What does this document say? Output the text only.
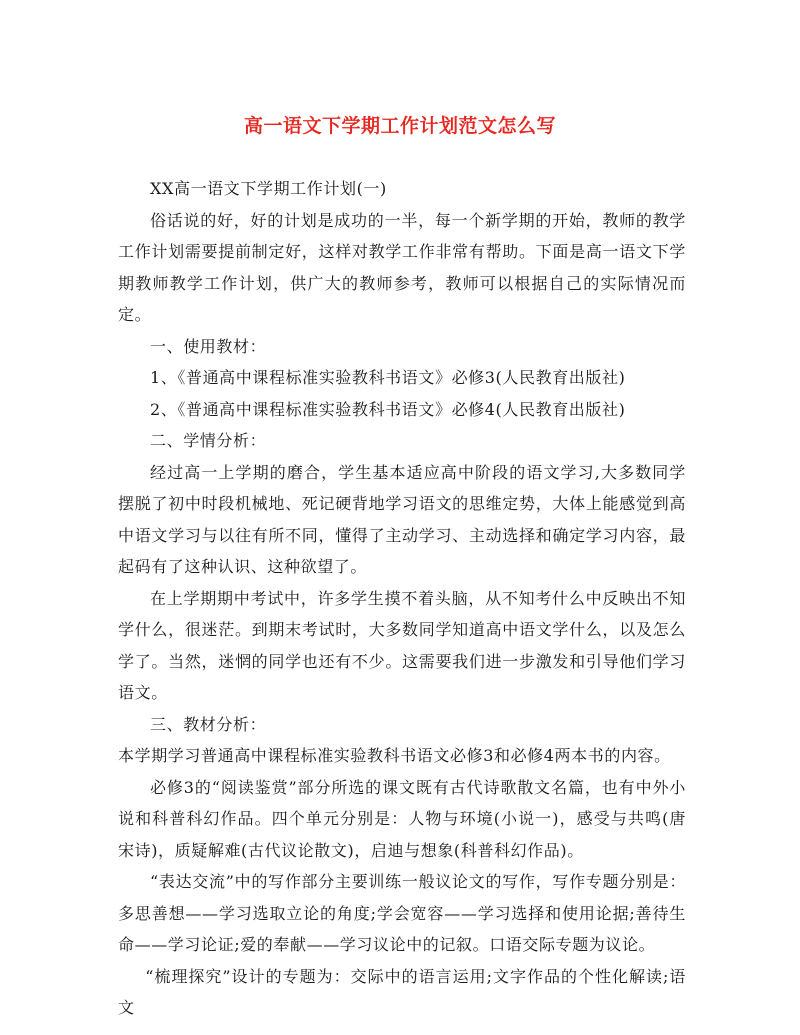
高一语文下学期工作计划范文怎么写

XX高一语文下学期工作计划(一)

俗话说的好，好的计划是成功的一半，每一个新学期的开始，教师的教学工作计划需要提前制定好，这样对教学工作非常有帮助。下面是高一语文下学期教师教学工作计划，供广大的教师参考，教师可以根据自己的实际情况而定。

一、使用教材：

1、《普通高中课程标准实验教科书语文》必修3(人民教育出版社)

2、《普通高中课程标准实验教科书语文》必修4(人民教育出版社)

二、学情分析：

经过高一上学期的磨合，学生基本适应高中阶段的语文学习,大多数同学摆脱了初中时段机械地、死记硬背地学习语文的思维定势，大体上能感觉到高中语文学习与以往有所不同，懂得了主动学习、主动选择和确定学习内容，最起码有了这种认识、这种欲望了。

在上学期期中考试中，许多学生摸不着头脑，从不知考什么中反映出不知学什么，很迷茫。到期末考试时，大多数同学知道高中语文学什么，以及怎么学了。当然，迷惘的同学也还有不少。这需要我们进一步激发和引导他们学习语文。

三、教材分析：

本学期学习普通高中课程标准实验教科书语文必修3和必修4两本书的内容。

必修3的“阅读鉴赏”部分所选的课文既有古代诗歌散文名篇，也有中外小说和科普科幻作品。四个单元分别是：人物与环境(小说一)，感受与共鸣(唐宋诗)，质疑解难(古代议论散文)，启迪与想象(科普科幻作品)。

“表达交流”中的写作部分主要训练一般议论文的写作，写作专题分别是：多思善想——学习选取立论的角度;学会宽容——学习选择和使用论据;善待生命——学习论证;爱的奉献——学习议论中的记叙。口语交际专题为议论。

“梳理探究”设计的专题为：交际中的语言运用;文字作品的个性化解读;语文
